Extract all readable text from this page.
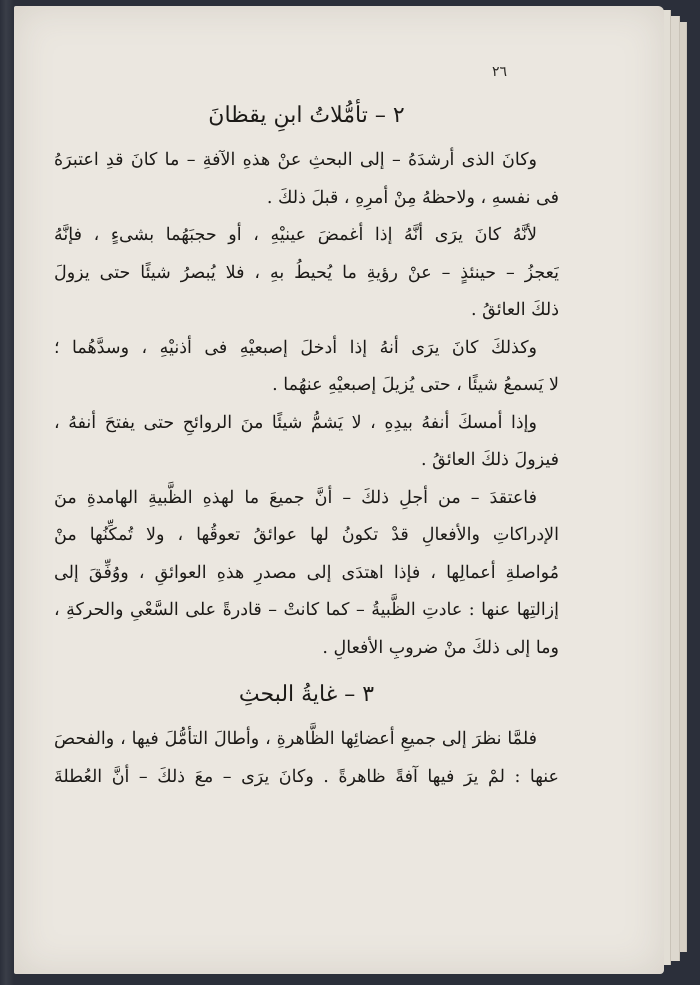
٢٦
٢ – تأمُّلاتُ ابنِ يقظانَ
وكانَ الذى أرشدَهُ – إلى البحثِ عنْ هذهِ الآفةِ – ما كانَ قدِ اعتبرَهُ
فى نفسهِ ، ولاحظهُ مِنْ أمرِهِ ، قبلَ ذلكَ .
لأنَّهُ كانَ يرَى أنَّهُ إذا أغمضَ عينيْهِ ، أو حجبَهُما بشىءٍ ، فإنَّهُ
يَعجزُ – حينئذٍ – عنْ رؤيةِ ما يُحيطُ بهِ ، فلا يُبصرُ شيئًا حتى يزولَ
ذلكَ العائقُ .
وكذلكَ كانَ يرَى أنهُ إذا أدخلَ إصبعيْهِ فى أذنيْهِ ، وسدَّهُما ؛
لا يَسمعُ شيئًا ، حتى يُزيلَ إصبعيْهِ عنهُما .
وإذا أمسكَ أنفهُ بيدِهِ ، لا يَشمُّ شيئًا منَ الروائحِ حتى يفتحَ أنفهُ ،
فيزولَ ذلكَ العائقُ .
فاعتقدَ – من أجلِ ذلكَ – أنَّ جميعَ ما لهذهِ الظَّبيةِ الهامدةِ منَ
الإدراكاتِ والأفعالِ قدْ تكونُ لها عوائقُ تعوقُها ، ولا تُمكِّنُها منْ
مُواصلةِ أعمالِها ، فإذا اهتدَى إلى مصدرِ هذهِ العوائقِ ، ووُفِّقَ إلى
إزالتِها عنها : عادتِ الظَّبيةُ – كما كانتْ – قادرةً على السَّعْىِ والحركةِ ،
وما إلى ذلكَ منْ ضروبِ الأفعالِ .
٣ – غايةُ البحثِ
فلمَّا نظرَ إلى جميعِ أعضائِها الظَّاهرةِ ، وأطالَ التأمُّلَ فيها ، والفحصَ
عنها : لمْ يرَ فيها آفةً ظاهرةً . وكانَ يرَى – معَ ذلكَ – أنَّ العُطلةَ
